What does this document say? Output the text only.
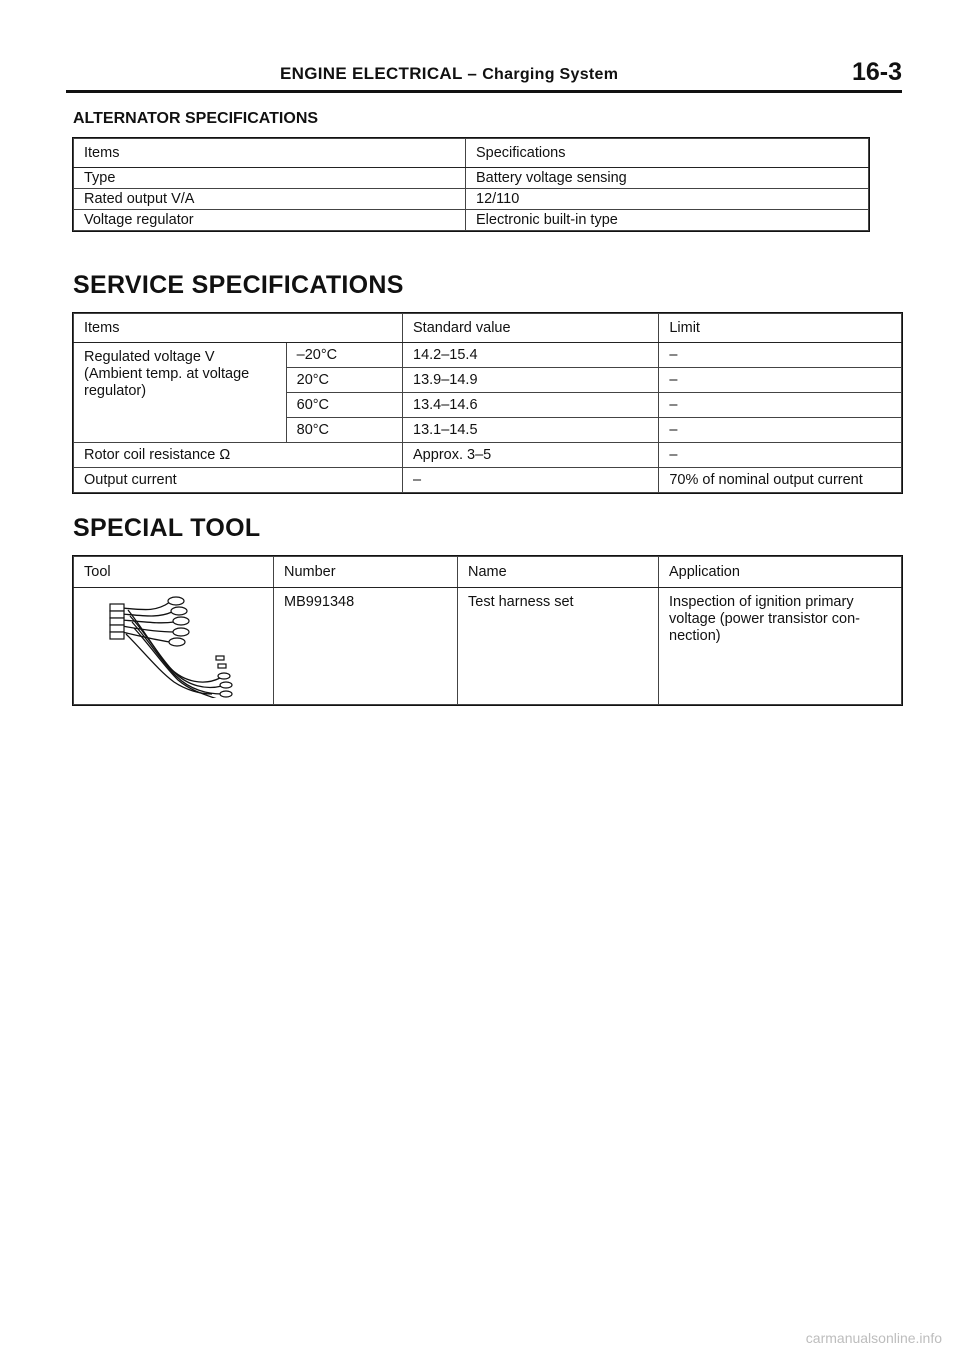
ENGINE ELECTRICAL – Charging System	16-3
ALTERNATOR SPECIFICATIONS
Items	Specifications
Type	Battery voltage sensing
Rated output V/A	12/110
Voltage regulator	Electronic built-in type
SERVICE SPECIFICATIONS
Items		Standard value	Limit
Regulated voltage V (Ambient temp. at voltage regulator)	–20°C	14.2–15.4	–
	20°C	13.9–14.9	–
	60°C	13.4–14.6	–
	80°C	13.1–14.5	–
Rotor coil resistance Ω		Approx. 3–5	–
Output current		–	70% of nominal output current
SPECIAL TOOL
Tool	Number	Name	Application
	MB991348	Test harness set	Inspection of ignition primary voltage (power transistor con- nection)
carmanualsonline.info
